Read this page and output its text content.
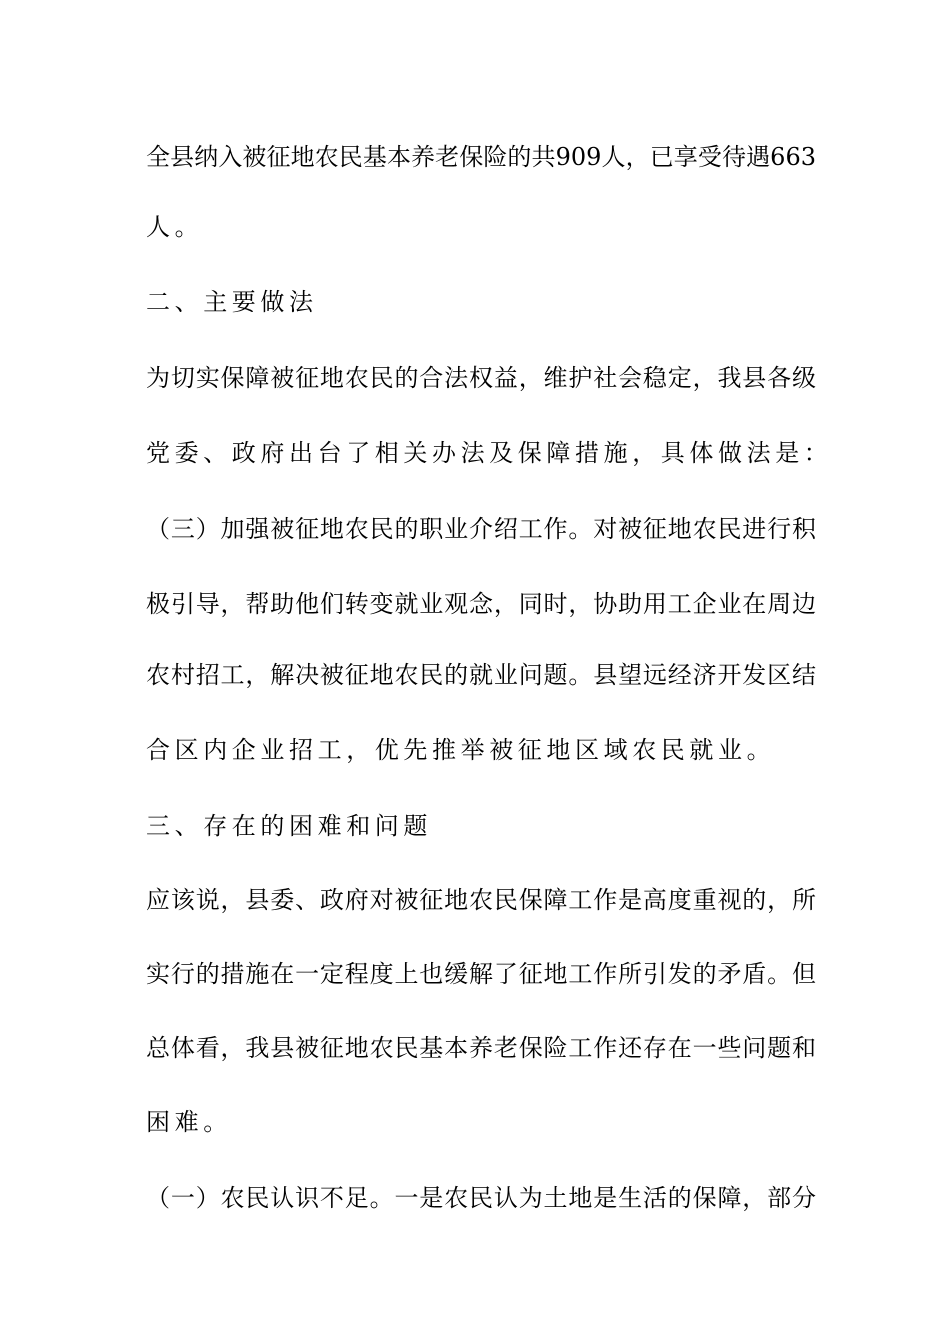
全县纳入被征地农民基本养老保险的共909人，已享受待遇663
人。
二、主要做法
为切实保障被征地农民的合法权益，维护社会稳定，我县各级
党委、政府出台了相关办法及保障措施，具体做法是：
（三）加强被征地农民的职业介绍工作。对被征地农民进行积
极引导，帮助他们转变就业观念，同时，协助用工企业在周边
农村招工，解决被征地农民的就业问题。县望远经济开发区结
合区内企业招工，优先推举被征地区域农民就业。
三、存在的困难和问题
应该说，县委、政府对被征地农民保障工作是高度重视的，所
实行的措施在一定程度上也缓解了征地工作所引发的矛盾。但
总体看，我县被征地农民基本养老保险工作还存在一些问题和
困难。
（一）农民认识不足。一是农民认为土地是生活的保障，部分
